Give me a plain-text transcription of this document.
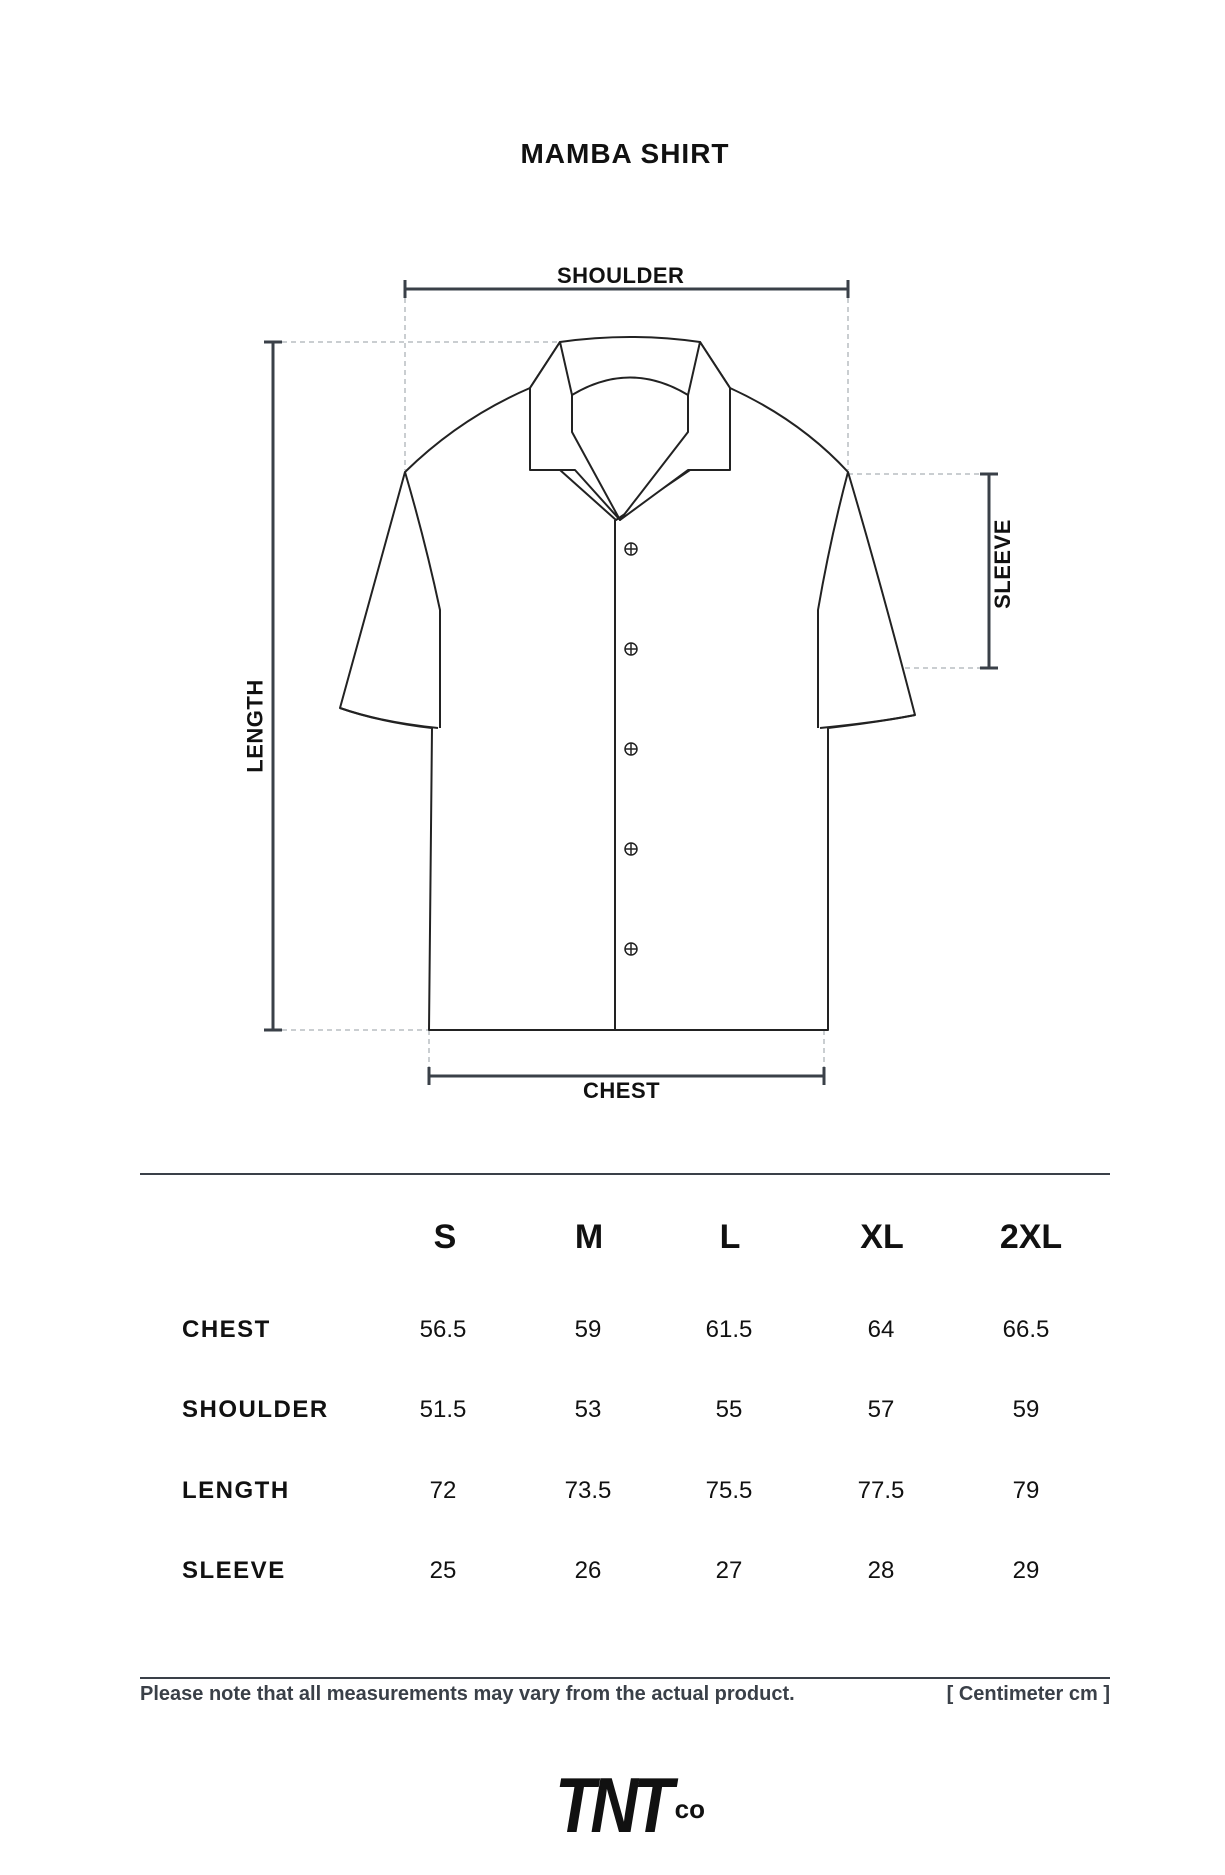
MAMBA SHIRT
SHOULDER
LENGTH
SLEEVE
CHEST
S	M	L	XL	2XL
CHEST	56.5	59	61.5	64	66.5
SHOULDER	51.5	53	55	57	59
LENGTH	72	73.5	75.5	77.5	79
SLEEVE	25	26	27	28	29
Please note that all measurements may vary from the actual product.	[ Centimeter cm ]
TNT co
